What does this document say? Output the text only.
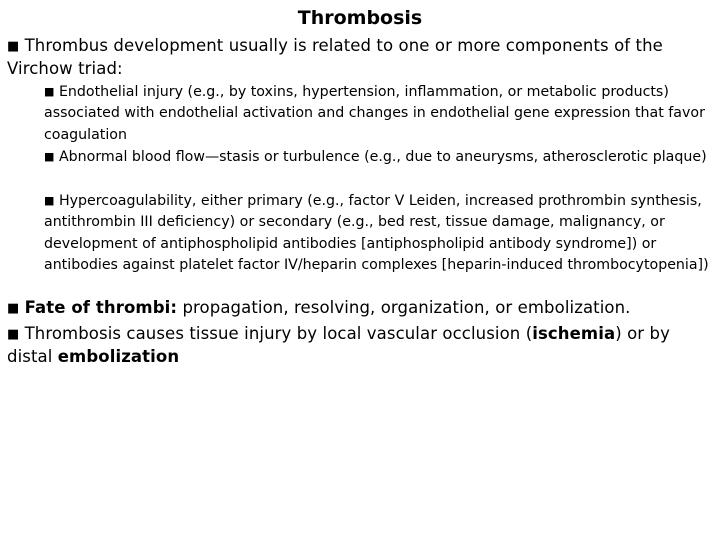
Thrombosis
■ Thrombus development usually is related to one or more components of the Virchow triad:
■ Endothelial injury (e.g., by toxins, hypertension, inflammation, or metabolic products) associated with endothelial activation and changes in endothelial gene expression that favor coagulation
■ Abnormal blood flow—stasis or turbulence (e.g., due to aneurysms, atherosclerotic plaque)
■ Hypercoagulability, either primary (e.g., factor V Leiden, increased prothrombin synthesis, antithrombin III deficiency) or secondary (e.g., bed rest, tissue damage, malignancy, or development of antiphospholipid antibodies [antiphospholipid antibody syndrome]) or antibodies against platelet factor IV/heparin complexes [heparin-induced thrombocytopenia])
■ Fate of thrombi: propagation, resolving, organization, or embolization.
■ Thrombosis causes tissue injury by local vascular occlusion (ischemia) or by distal embolization
